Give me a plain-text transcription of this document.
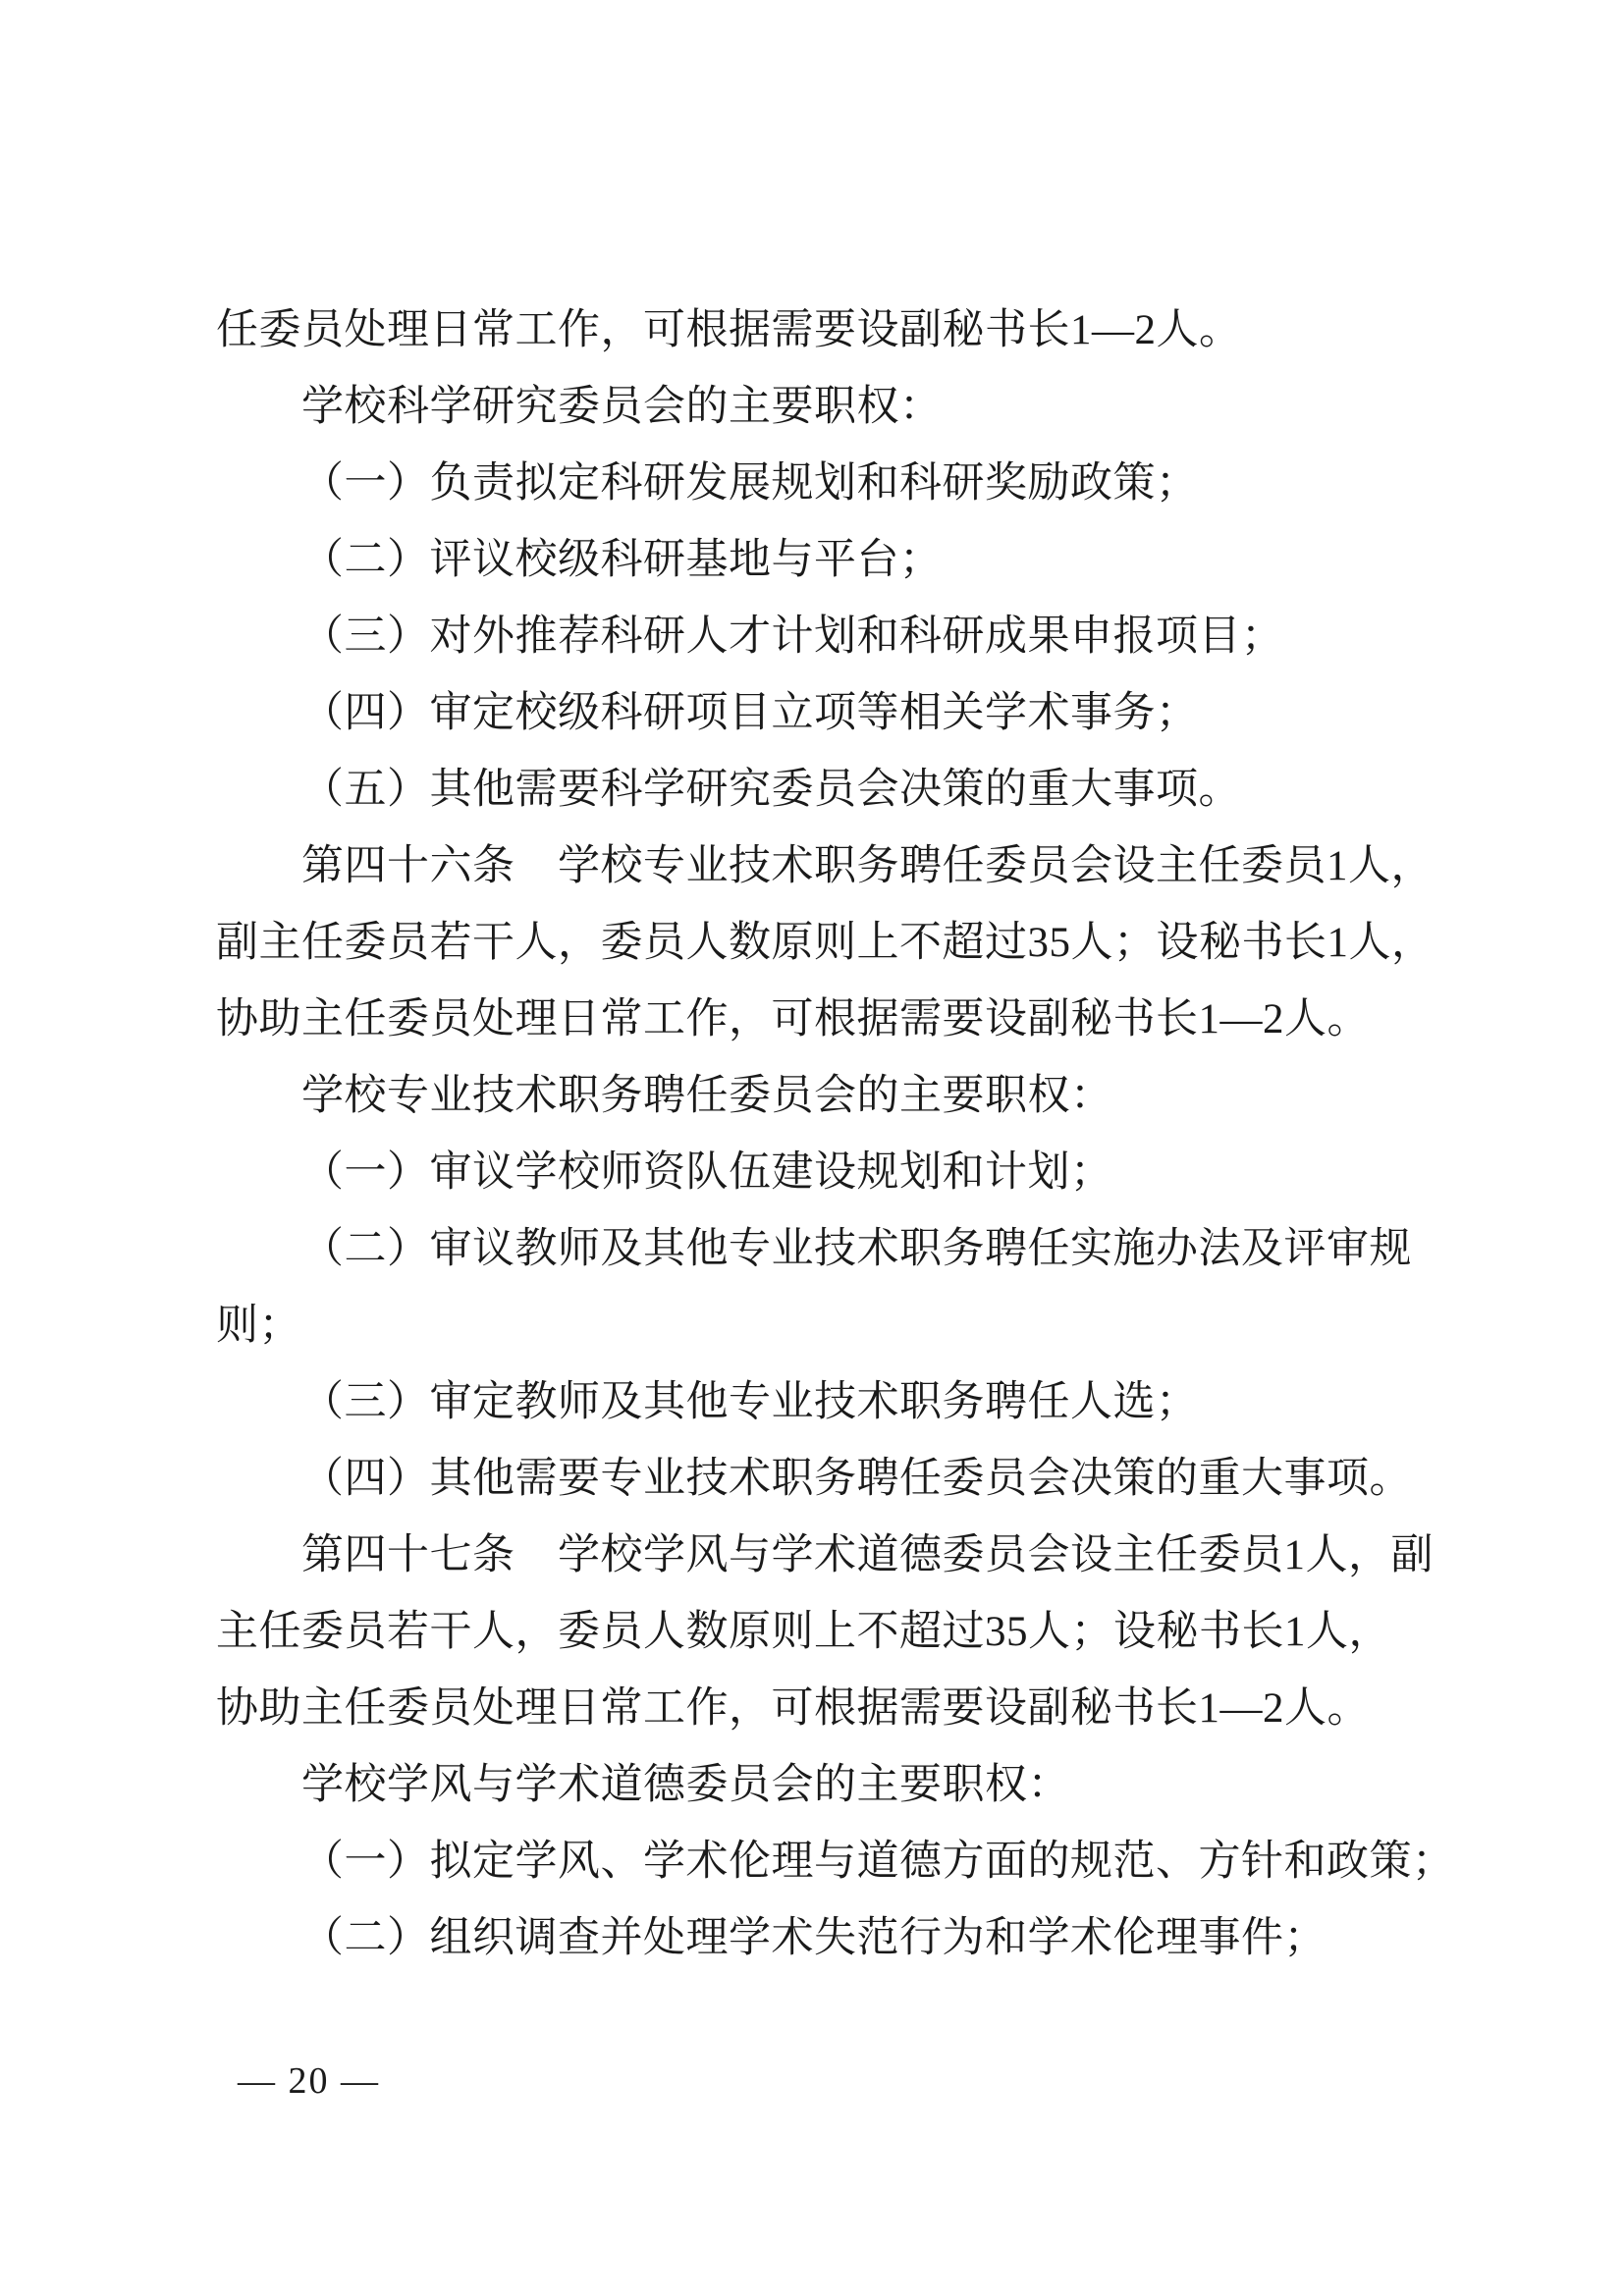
任委员处理日常工作，可根据需要设副秘书长1—2人。
学校科学研究委员会的主要职权：
（一）负责拟定科研发展规划和科研奖励政策；
（二）评议校级科研基地与平台；
（三）对外推荐科研人才计划和科研成果申报项目；
（四）审定校级科研项目立项等相关学术事务；
（五）其他需要科学研究委员会决策的重大事项。
第四十六条　学校专业技术职务聘任委员会设主任委员1人，
副主任委员若干人，委员人数原则上不超过35人；设秘书长1人，
协助主任委员处理日常工作，可根据需要设副秘书长1—2人。
学校专业技术职务聘任委员会的主要职权：
（一）审议学校师资队伍建设规划和计划；
（二）审议教师及其他专业技术职务聘任实施办法及评审规
则；
（三）审定教师及其他专业技术职务聘任人选；
（四）其他需要专业技术职务聘任委员会决策的重大事项。
第四十七条　学校学风与学术道德委员会设主任委员1人，副
主任委员若干人，委员人数原则上不超过35人；设秘书长1人，
协助主任委员处理日常工作，可根据需要设副秘书长1—2人。
学校学风与学术道德委员会的主要职权：
（一）拟定学风、学术伦理与道德方面的规范、方针和政策；
（二）组织调查并处理学术失范行为和学术伦理事件；
— 20 —
